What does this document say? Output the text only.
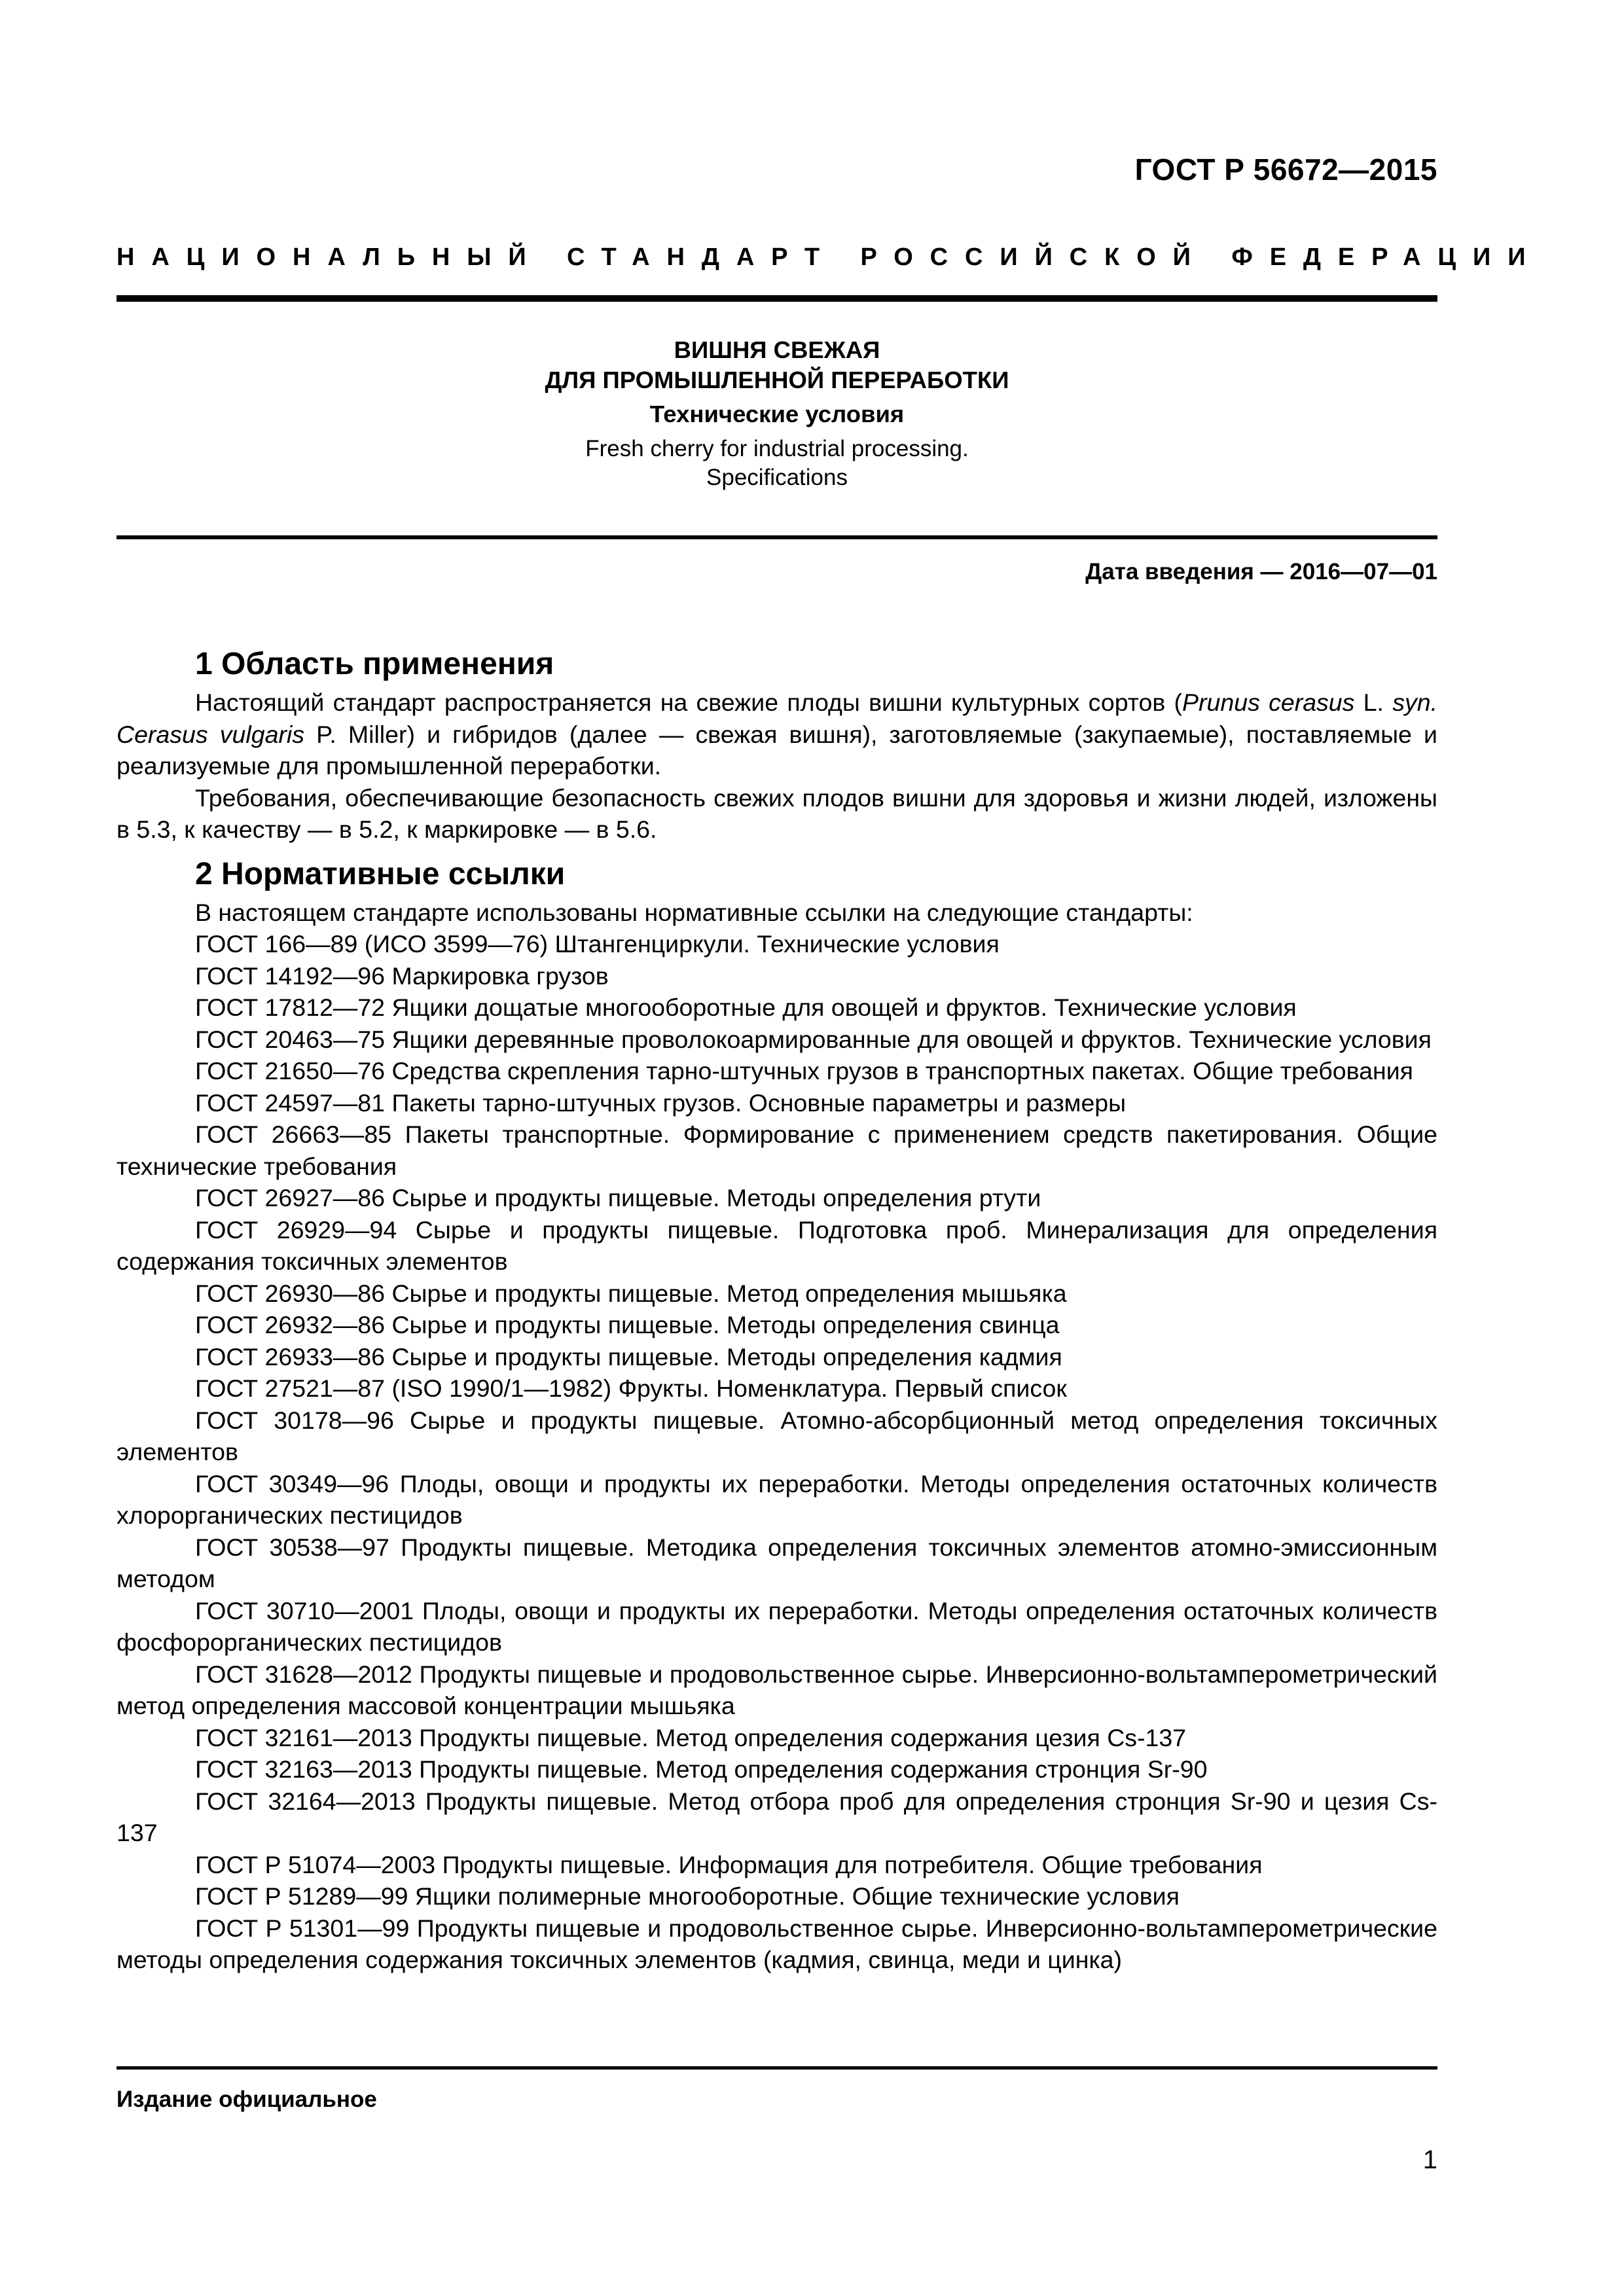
ГОСТ Р 56672—2015
НАЦИОНАЛЬНЫЙ СТАНДАРТ РОССИЙСКОЙ ФЕДЕРАЦИИ
ВИШНЯ СВЕЖАЯ
ДЛЯ ПРОМЫШЛЕННОЙ ПЕРЕРАБОТКИ
Технические условия
Fresh cherry for industrial processing.
Specifications
Дата введения — 2016—07—01
1 Область применения

Настоящий стандарт распространяется на свежие плоды вишни культурных сортов (Prunus cerasus L. syn. Cerasus vulgaris P. Miller) и гибридов (далее — свежая вишня), заготовляемые (закупаемые), поставляемые и реализуемые для промышленной переработки.

Требования, обеспечивающие безопасность свежих плодов вишни для здоровья и жизни людей, изложены в 5.3, к качеству — в 5.2, к маркировке — в 5.6.

2 Нормативные ссылки

В настоящем стандарте использованы нормативные ссылки на следующие стандарты:

ГОСТ 166—89 (ИСО 3599—76) Штангенциркули. Технические условия

ГОСТ 14192—96 Маркировка грузов

ГОСТ 17812—72 Ящики дощатые многооборотные для овощей и фруктов. Технические условия

ГОСТ 20463—75 Ящики деревянные проволокоармированные для овощей и фруктов. Технические условия

ГОСТ 21650—76 Средства скрепления тарно-штучных грузов в транспортных пакетах. Общие требования

ГОСТ 24597—81 Пакеты тарно-штучных грузов. Основные параметры и размеры

ГОСТ 26663—85 Пакеты транспортные. Формирование с применением средств пакетирования. Общие технические требования

ГОСТ 26927—86 Сырье и продукты пищевые. Методы определения ртути

ГОСТ 26929—94 Сырье и продукты пищевые. Подготовка проб. Минерализация для определения содержания токсичных элементов

ГОСТ 26930—86 Сырье и продукты пищевые. Метод определения мышьяка

ГОСТ 26932—86 Сырье и продукты пищевые. Методы определения свинца

ГОСТ 26933—86 Сырье и продукты пищевые. Методы определения кадмия

ГОСТ 27521—87 (ISO 1990/1—1982) Фрукты. Номенклатура. Первый список

ГОСТ 30178—96 Сырье и продукты пищевые. Атомно-абсорбционный метод определения токсичных элементов

ГОСТ 30349—96 Плоды, овощи и продукты их переработки. Методы определения остаточных количеств хлорорганических пестицидов

ГОСТ 30538—97 Продукты пищевые. Методика определения токсичных элементов атомно-эмиссионным методом

ГОСТ 30710—2001 Плоды, овощи и продукты их переработки. Методы определения остаточных количеств фосфорорганических пестицидов

ГОСТ 31628—2012 Продукты пищевые и продовольственное сырье. Инверсионно-вольтамперометрический метод определения массовой концентрации мышьяка

ГОСТ 32161—2013 Продукты пищевые. Метод определения содержания цезия Cs-137

ГОСТ 32163—2013 Продукты пищевые. Метод определения содержания стронция Sr-90

ГОСТ 32164—2013 Продукты пищевые. Метод отбора проб для определения стронция Sr-90 и цезия Cs-137

ГОСТ Р 51074—2003 Продукты пищевые. Информация для потребителя. Общие требования

ГОСТ Р 51289—99 Ящики полимерные многооборотные. Общие технические условия

ГОСТ Р 51301—99 Продукты пищевые и продовольственное сырье. Инверсионно-вольтамперометрические методы определения содержания токсичных элементов (кадмия, свинца, меди и цинка)

Издание официальное
1
